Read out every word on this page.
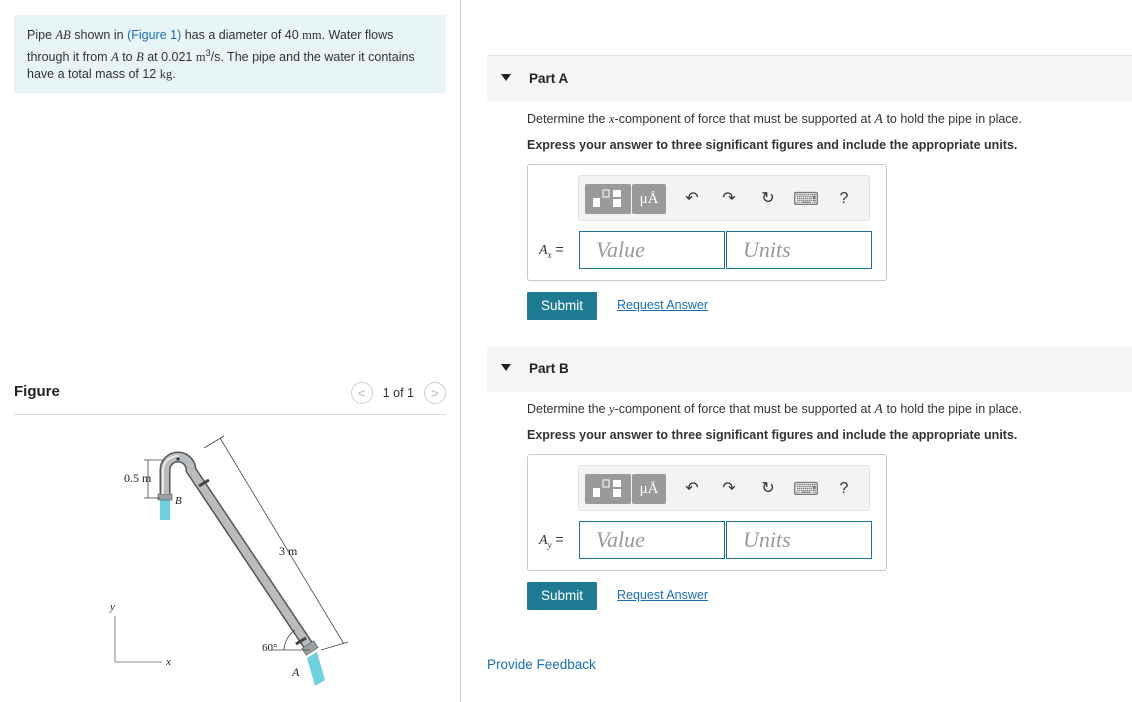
Pipe AB shown in (Figure 1) has a diameter of 40 mm. Water flows through it from A to B at 0.021 $m^3/s$. The pipe and the water it contains have a total mass of 12 kg.
Figure	< 1 of 1 >
0.5 m
B
3 m
60°
A
y
x
Part A
Determine the x-component of force that must be supported at A to hold the pipe in place.
Express your answer to three significant figures and include the appropriate units.
μÅ	↶	↷	↻ ⌨	?
$A_x$ =	Value	Units
Submit	Request Answer
Part B
Determine the y-component of force that must be supported at A to hold the pipe in place.
Express your answer to three significant figures and include the appropriate units.
μÅ	↶	↷	↻ ⌨	?
$A_y$ =	Value	Units
Submit	Request Answer
Provide Feedback
